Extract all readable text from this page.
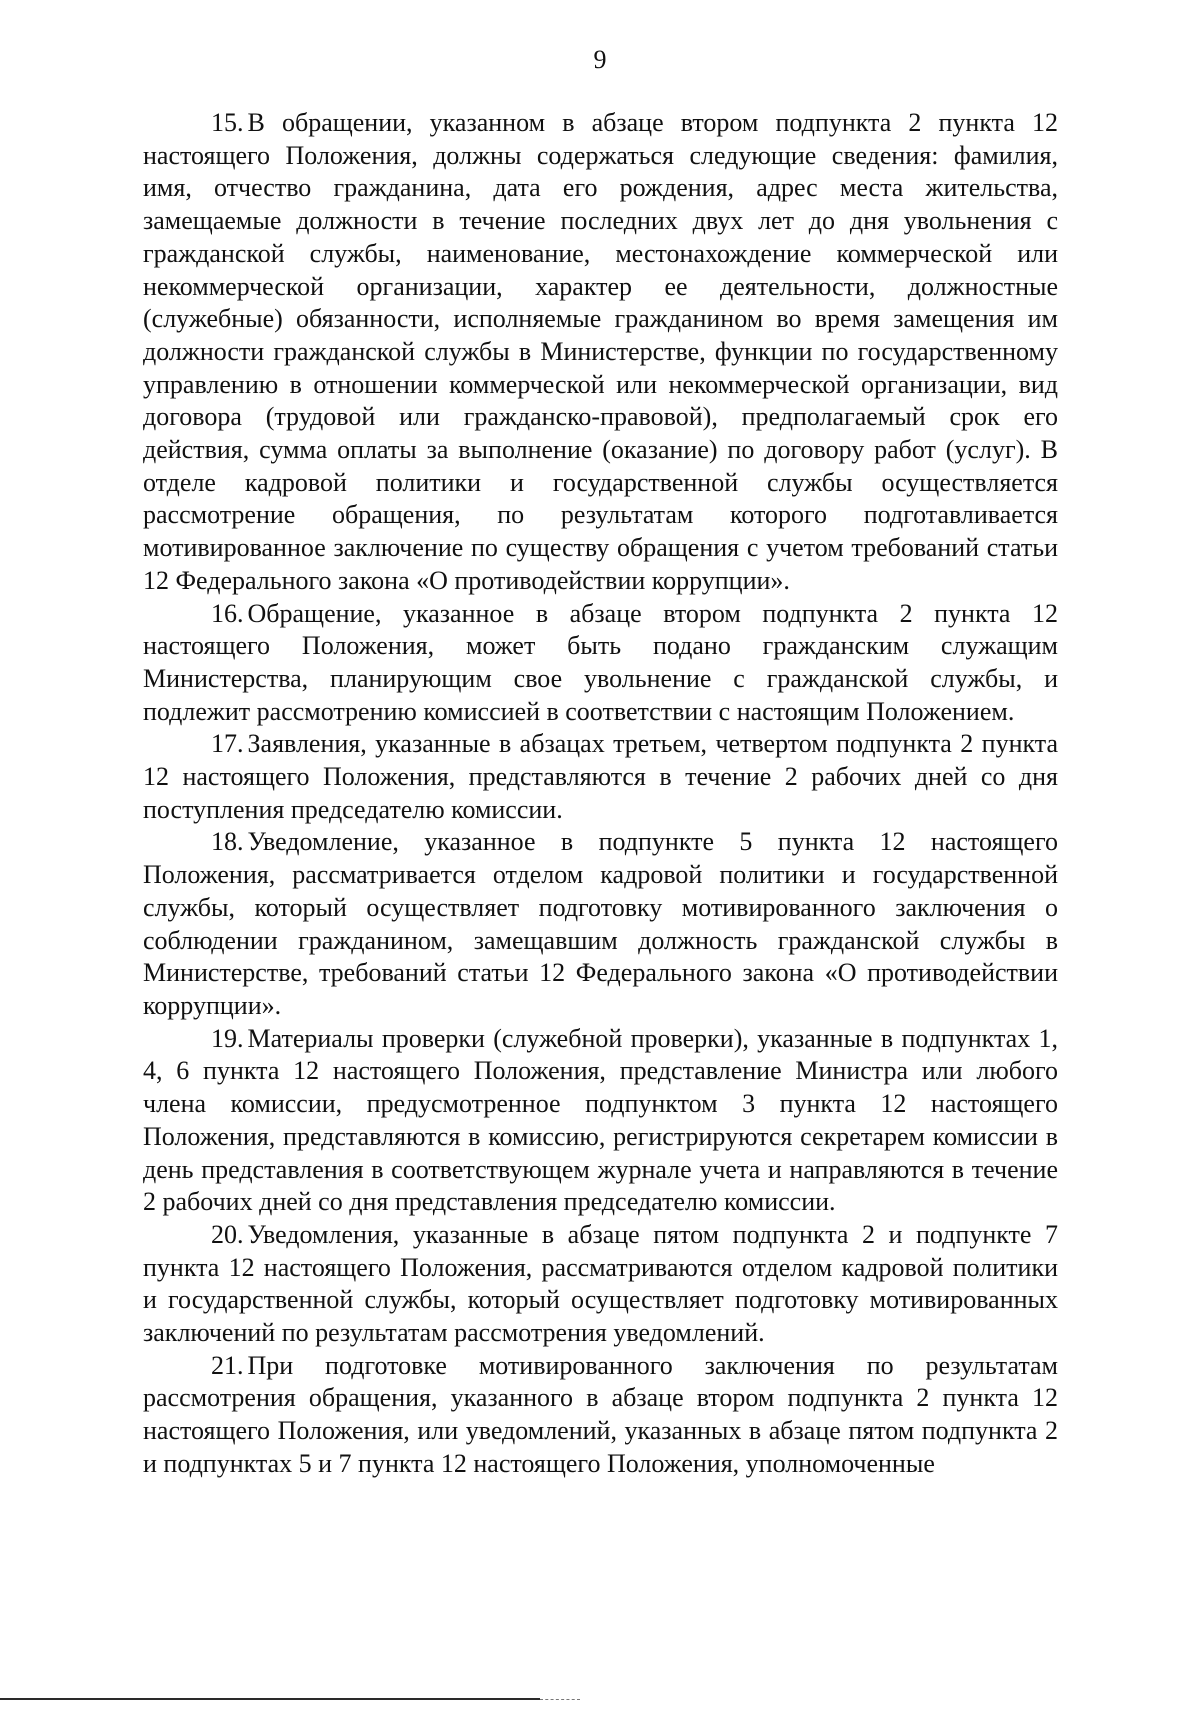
9

15. В обращении, указанном в абзаце втором подпункта 2 пункта 12 настоящего Положения, должны содержаться следующие сведения: фамилия, имя, отчество гражданина, дата его рождения, адрес места жительства, замещаемые должности в течение последних двух лет до дня увольнения с гражданской службы, наименование, местонахождение коммерческой или некоммерческой организации, характер ее деятельности, должностные (служебные) обязанности, исполняемые гражданином во время замещения им должности гражданской службы в Министерстве, функции по государственному управлению в отношении коммерческой или некоммерческой организации, вид договора (трудовой или гражданско-правовой), предполагаемый срок его действия, сумма оплаты за выполнение (оказание) по договору работ (услуг). В отделе кадровой политики и государственной службы осуществляется рассмотрение обращения, по результатам которого подготавливается мотивированное заключение по существу обращения с учетом требований статьи 12 Федерального закона «О противодействии коррупции».

16. Обращение, указанное в абзаце втором подпункта 2 пункта 12 настоящего Положения, может быть подано гражданским служащим Министерства, планирующим свое увольнение с гражданской службы, и подлежит рассмотрению комиссией в соответствии с настоящим Положением.

17. Заявления, указанные в абзацах третьем, четвертом подпункта 2 пункта 12 настоящего Положения, представляются в течение 2 рабочих дней со дня поступления председателю комиссии.

18. Уведомление, указанное в подпункте 5 пункта 12 настоящего Положения, рассматривается отделом кадровой политики и государственной службы, который осуществляет подготовку мотивированного заключения о соблюдении гражданином, замещавшим должность гражданской службы в Министерстве, требований статьи 12 Федерального закона «О противодействии коррупции».

19. Материалы проверки (служебной проверки), указанные в подпунктах 1, 4, 6 пункта 12 настоящего Положения, представление Министра или любого члена комиссии, предусмотренное подпунктом 3 пункта 12 настоящего Положения, представляются в комиссию, регистрируются секретарем комиссии в день представления в соответствующем журнале учета и направляются в течение 2 рабочих дней со дня представления председателю комиссии.

20. Уведомления, указанные в абзаце пятом подпункта 2 и подпункте 7 пункта 12 настоящего Положения, рассматриваются отделом кадровой политики и государственной службы, который осуществляет подготовку мотивированных заключений по результатам рассмотрения уведомлений.

21. При подготовке мотивированного заключения по результатам рассмотрения обращения, указанного в абзаце втором подпункта 2 пункта 12 настоящего Положения, или уведомлений, указанных в абзаце пятом подпункта 2 и подпунктах 5 и 7 пункта 12 настоящего Положения, уполномоченные
